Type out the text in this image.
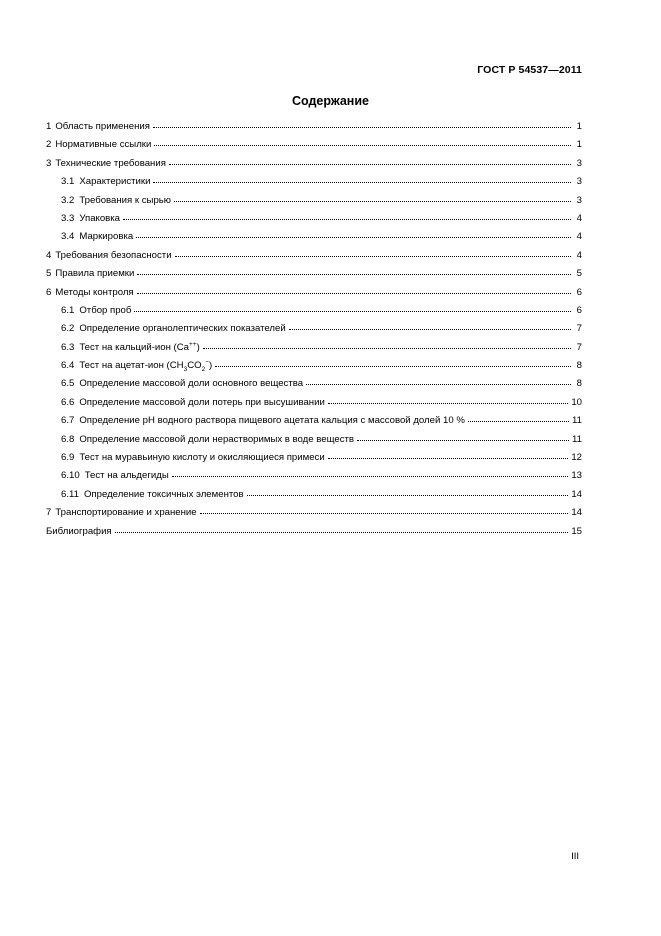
ГОСТ Р 54537—2011
Содержание
1 Область применения	1
2 Нормативные ссылки	1
3 Технические требования	3
3.1 Характеристики	3
3.2 Требования к сырью	3
3.3 Упаковка	4
3.4 Маркировка	4
4 Требования безопасности	4
5 Правила приемки	5
6 Методы контроля	6
6.1 Отбор проб	6
6.2 Определение органолептических показателей	7
6.3 Тест на кальций-ион (Ca++)	7
6.4 Тест на ацетат-ион $(CH_3CO_2^-)$	8
6.5 Определение массовой доли основного вещества	8
6.6 Определение массовой доли потерь при высушивании	10
6.7 Определение pH водного раствора пищевого ацетата кальция с массовой долей 10 %	11
6.8 Определение массовой доли нерастворимых в воде веществ	11
6.9 Тест на муравьиную кислоту и окисляющиеся примеси	12
6.10 Тест на альдегиды	13
6.11 Определение токсичных элементов	14
7 Транспортирование и хранение	14
Библиография	15
III
